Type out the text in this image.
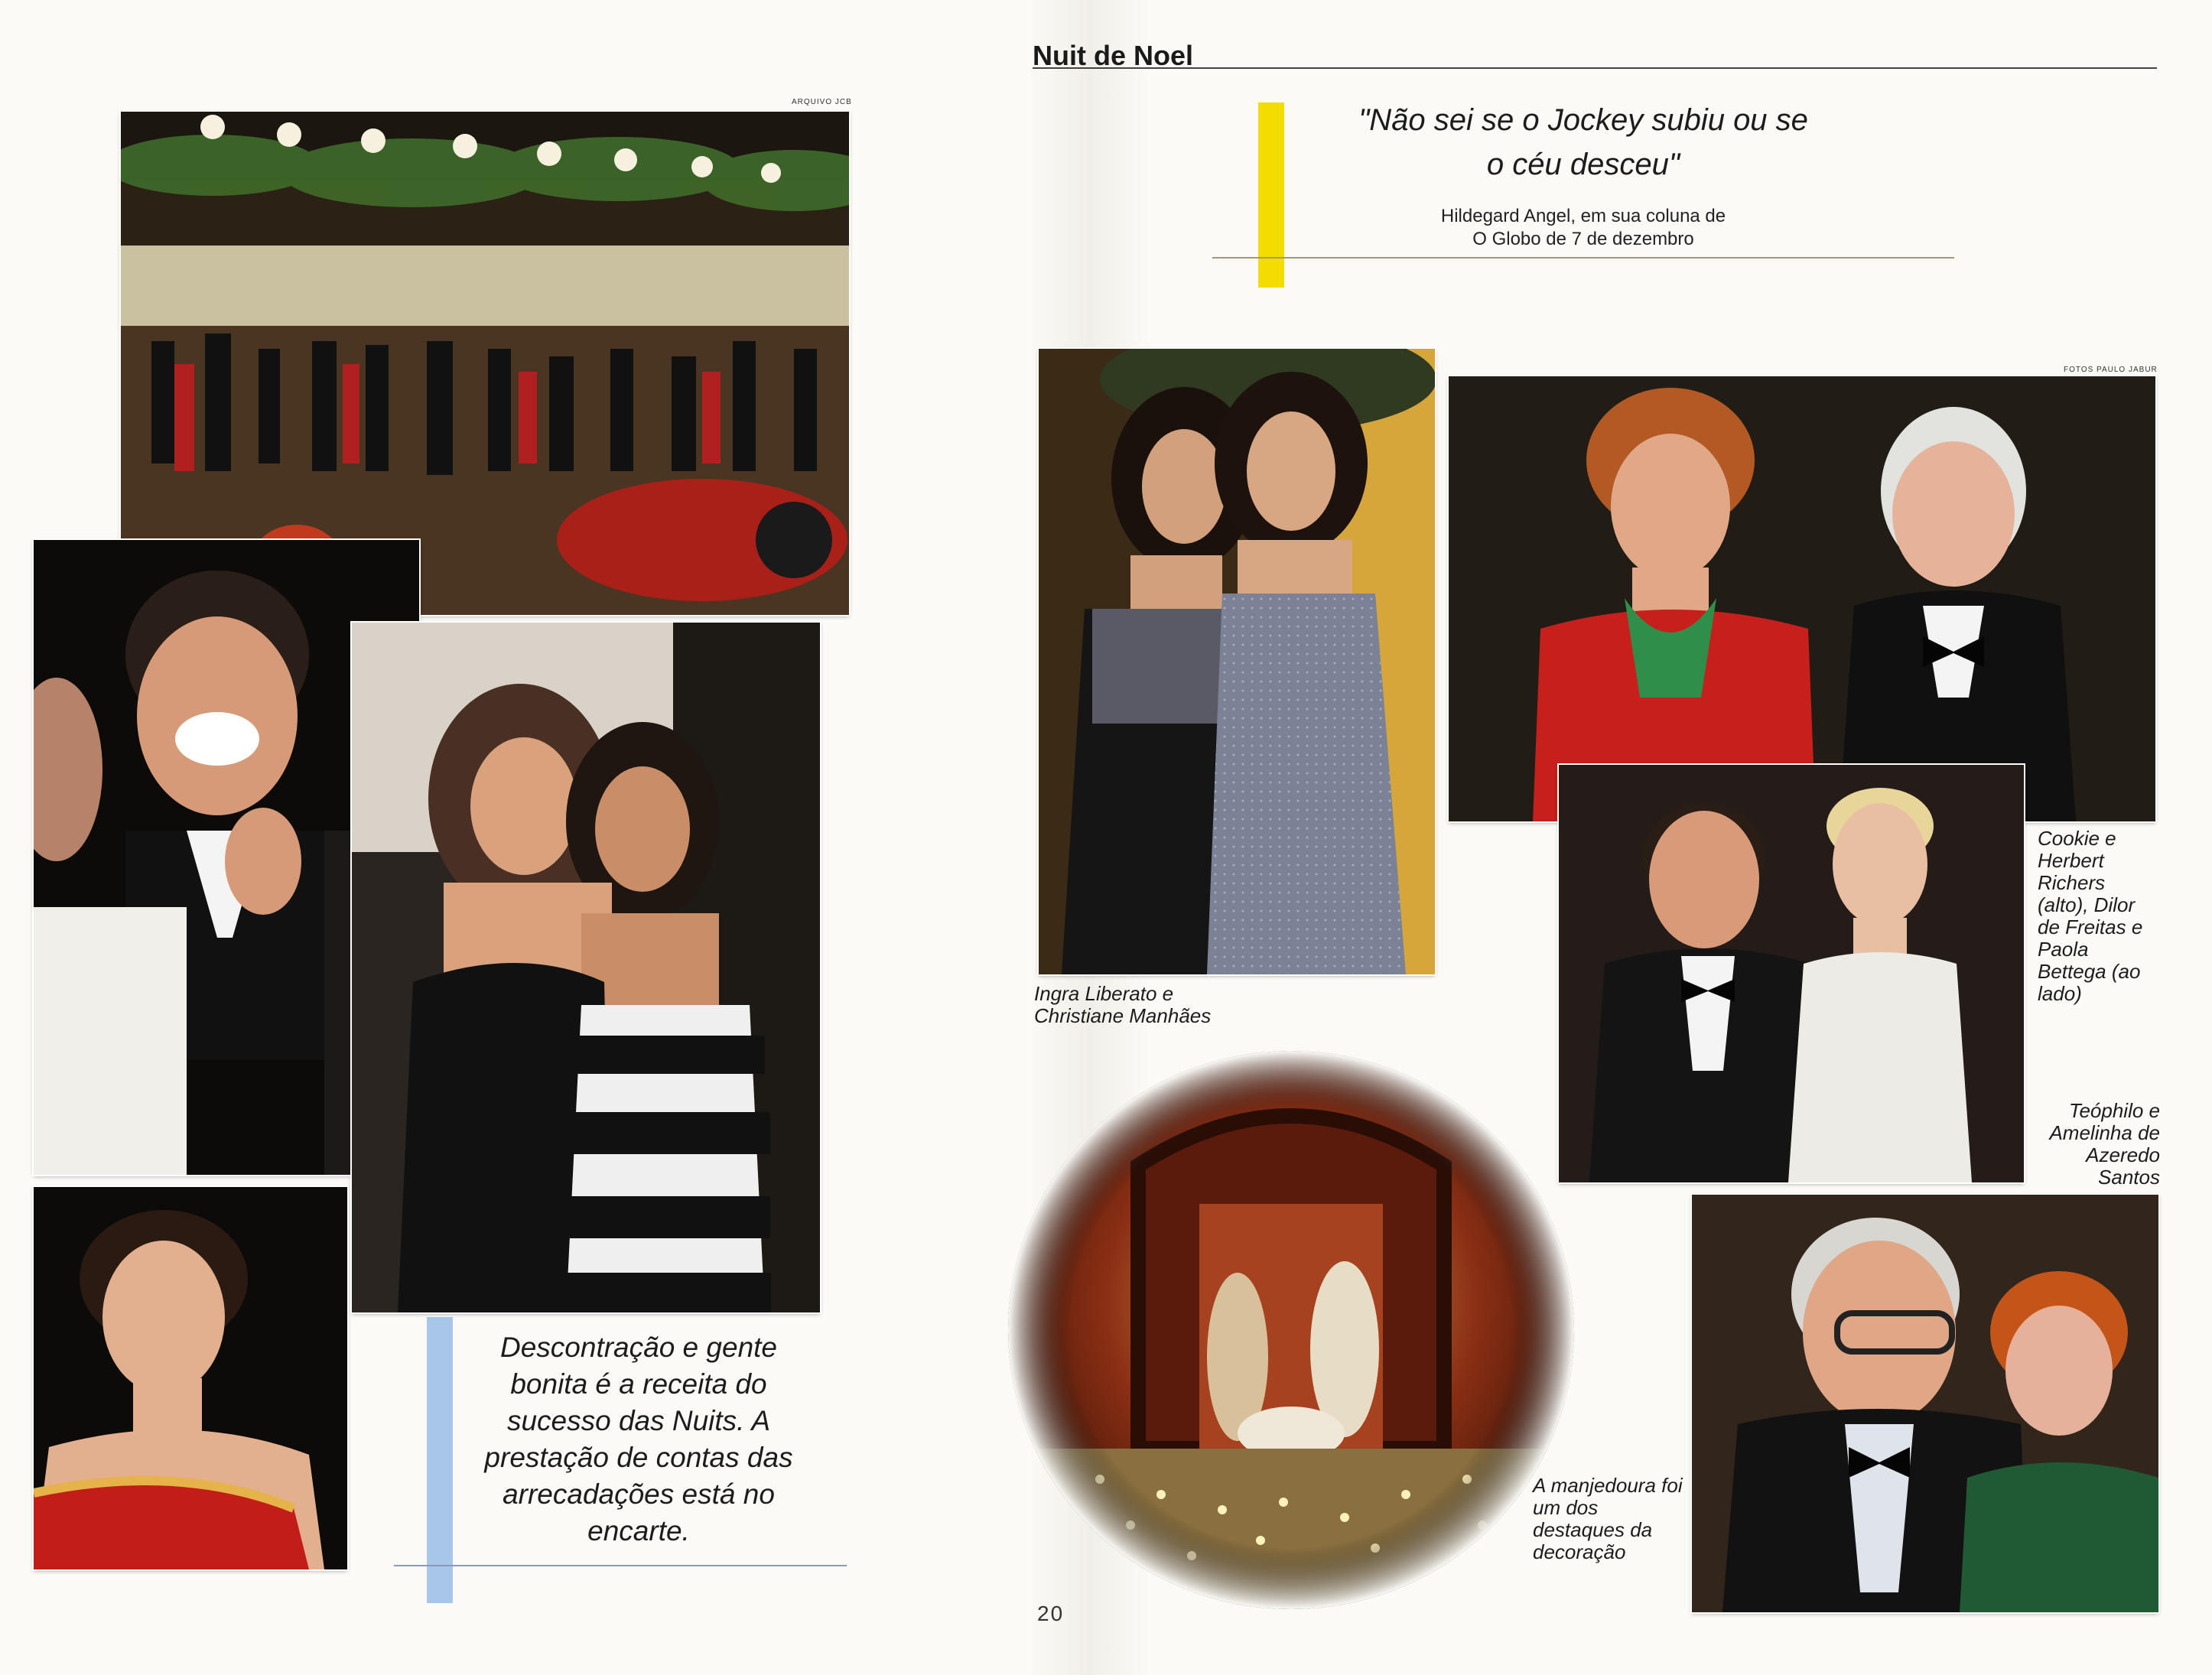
ARQUIVO JCB
Descontração e gente bonita é a receita do sucesso das Nuits. A prestação de contas das arrecadações está no encarte.
Nuit de Noel
"Não sei se o Jockey subiu ou se o céu desceu"
Hildegard Angel, em sua coluna de
O Globo de 7 de dezembro
FOTOS PAULO JABUR
Ingra Liberato e Christiane Manhães
Cookie e Herbert Richers (alto), Dilor de Freitas e Paola Bettega (ao lado)
Teóphilo e Amelinha de Azeredo Santos
A manjedoura foi um dos destaques da decoração
20
